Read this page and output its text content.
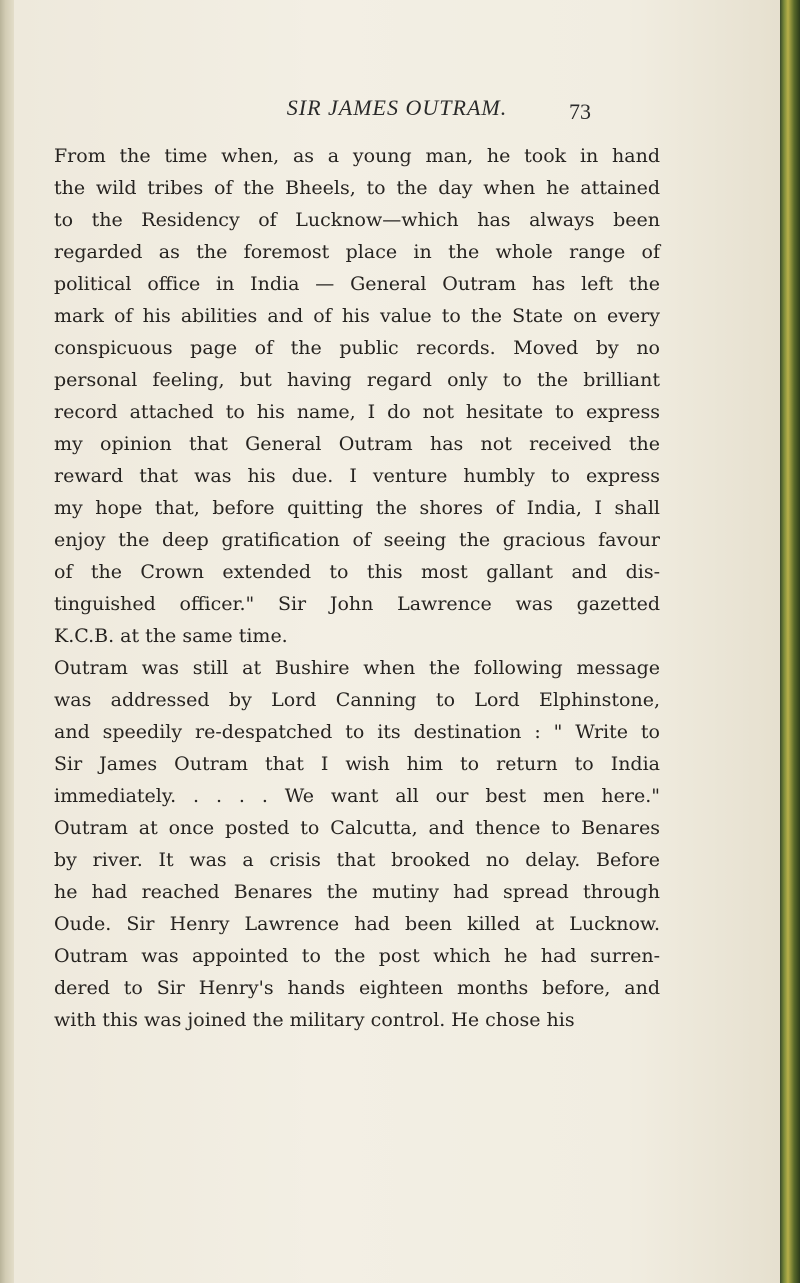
SIR JAMES OUTRAM.	73
From the time when, as a young man, he took in hand
the wild tribes of the Bheels, to the day when he attained
to the Residency of Lucknow—which has always been
regarded as the foremost place in the whole range of
political office in India — General Outram has left the
mark of his abilities and of his value to the State on every
conspicuous page of the public records. Moved by no
personal feeling, but having regard only to the brilliant
record attached to his name, I do not hesitate to express
my opinion that General Outram has not received the
reward that was his due. I venture humbly to express
my hope that, before quitting the shores of India, I shall
enjoy the deep gratification of seeing the gracious favour
of the Crown extended to this most gallant and dis-
tinguished officer." Sir John Lawrence was gazetted
K.C.B. at the same time.
Outram was still at Bushire when the following message
was addressed by Lord Canning to Lord Elphinstone,
and speedily re-despatched to its destination : " Write to
Sir James Outram that I wish him to return to India
immediately. . . . . We want all our best men here."
Outram at once posted to Calcutta, and thence to Benares
by river. It was a crisis that brooked no delay. Before
he had reached Benares the mutiny had spread through
Oude. Sir Henry Lawrence had been killed at Lucknow.
Outram was appointed to the post which he had surren-
dered to Sir Henry's hands eighteen months before, and
with this was joined the military control. He chose his
